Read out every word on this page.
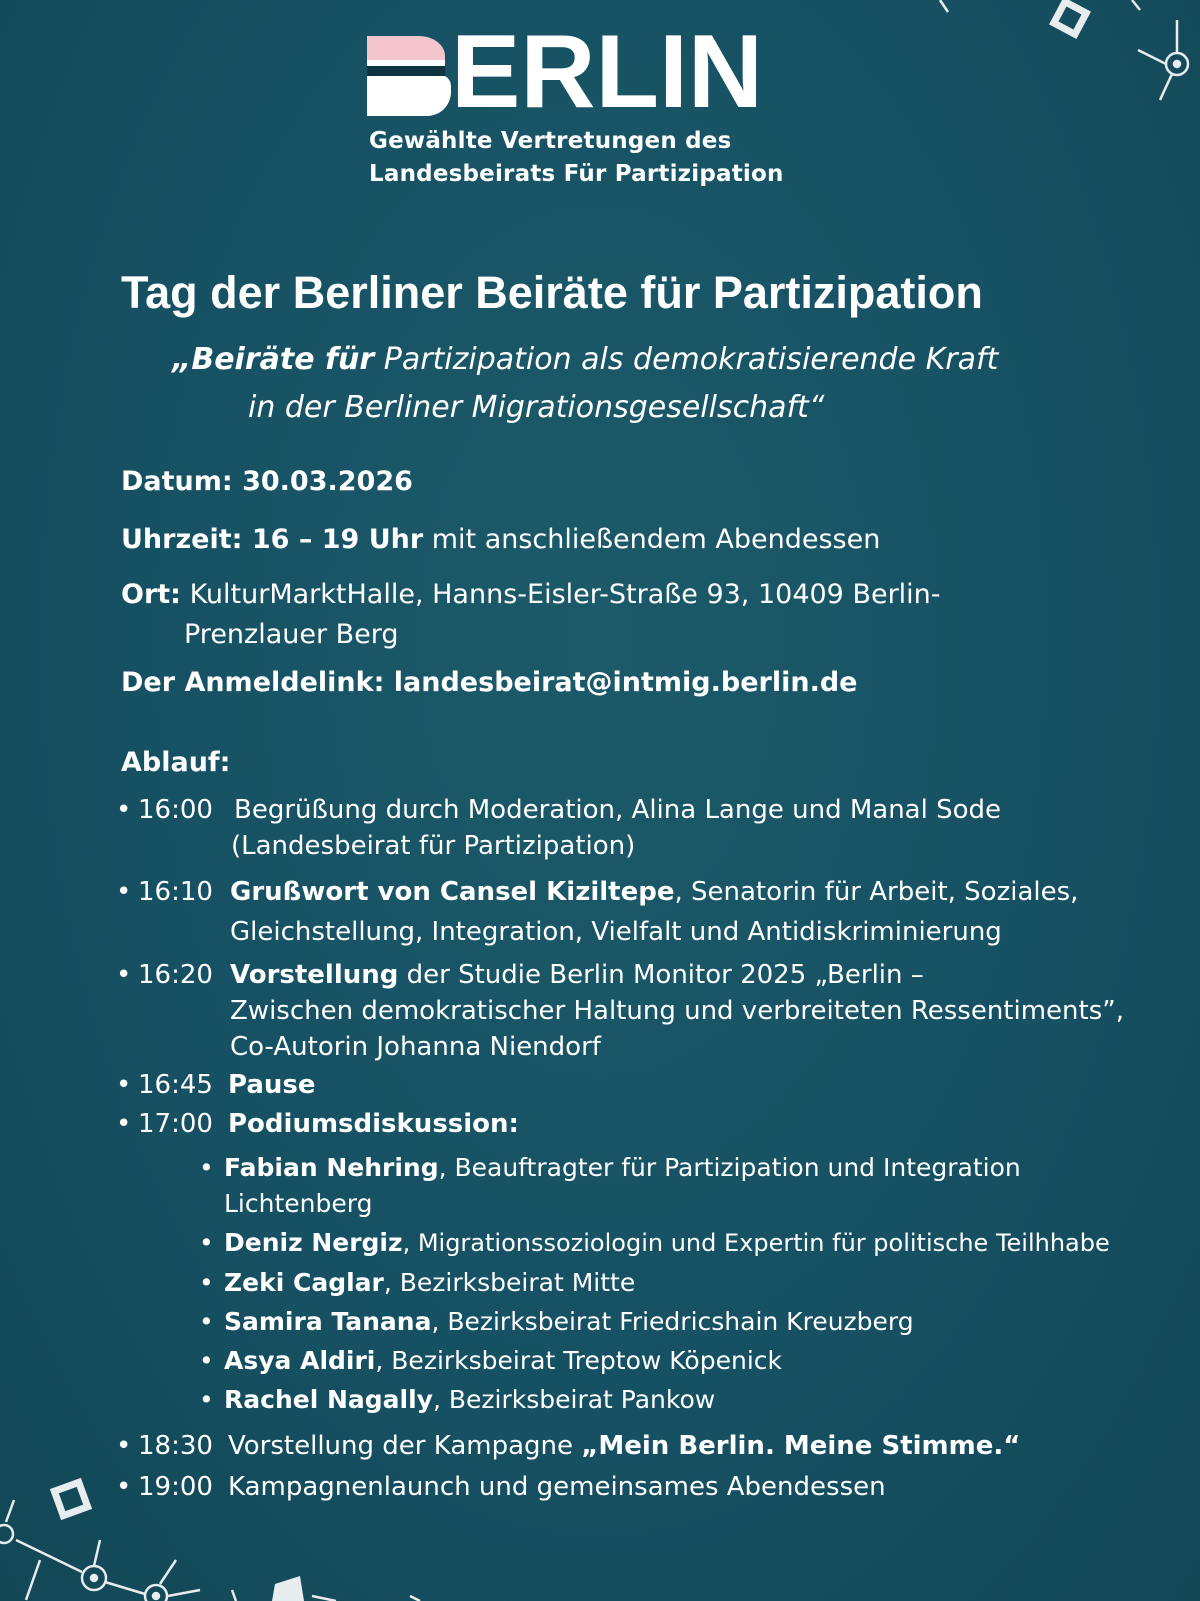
ERLIN
Gewählte Vertretungen des
Landesbeirats Für Partizipation
Tag der Berliner Beiräte für Partizipation

„Beiräte für Partizipation als demokratisierende Kraft
in der Berliner Migrationsgesellschaft“

Datum: 30.03.2026

Uhrzeit: 16 – 19 Uhr mit anschließendem Abendessen

Ort: KulturMarktHalle, Hanns-Eisler-Straße 93, 10409 Berlin-
Prenzlauer Berg

Der Anmeldelink: landesbeirat@intmig.berlin.de

Ablauf:
• 16:00 Begrüßung durch Moderation, Alina Lange und Manal Sode
(Landesbeirat für Partizipation)
• 16:10 Grußwort von Cansel Kiziltepe, Senatorin für Arbeit, Soziales,
Gleichstellung, Integration, Vielfalt und Antidiskriminierung
• 16:20 Vorstellung der Studie Berlin Monitor 2025 „Berlin –
Zwischen demokratischer Haltung und verbreiteten Ressentiments”,
Co-Autorin Johanna Niendorf
• 16:45 Pause
• 17:00 Podiumsdiskussion:
• Fabian Nehring, Beauftragter für Partizipation und Integration
Lichtenberg
• Deniz Nergiz, Migrationssoziologin und Expertin für politische Teilhhabe
• Zeki Caglar, Bezirksbeirat Mitte
• Samira Tanana, Bezirksbeirat Friedricshain Kreuzberg
• Asya Aldiri, Bezirksbeirat Treptow Köpenick
• Rachel Nagally, Bezirksbeirat Pankow
• 18:30 Vorstellung der Kampagne „Mein Berlin. Meine Stimme.“
• 19:00 Kampagnenlaunch und gemeinsames Abendessen
